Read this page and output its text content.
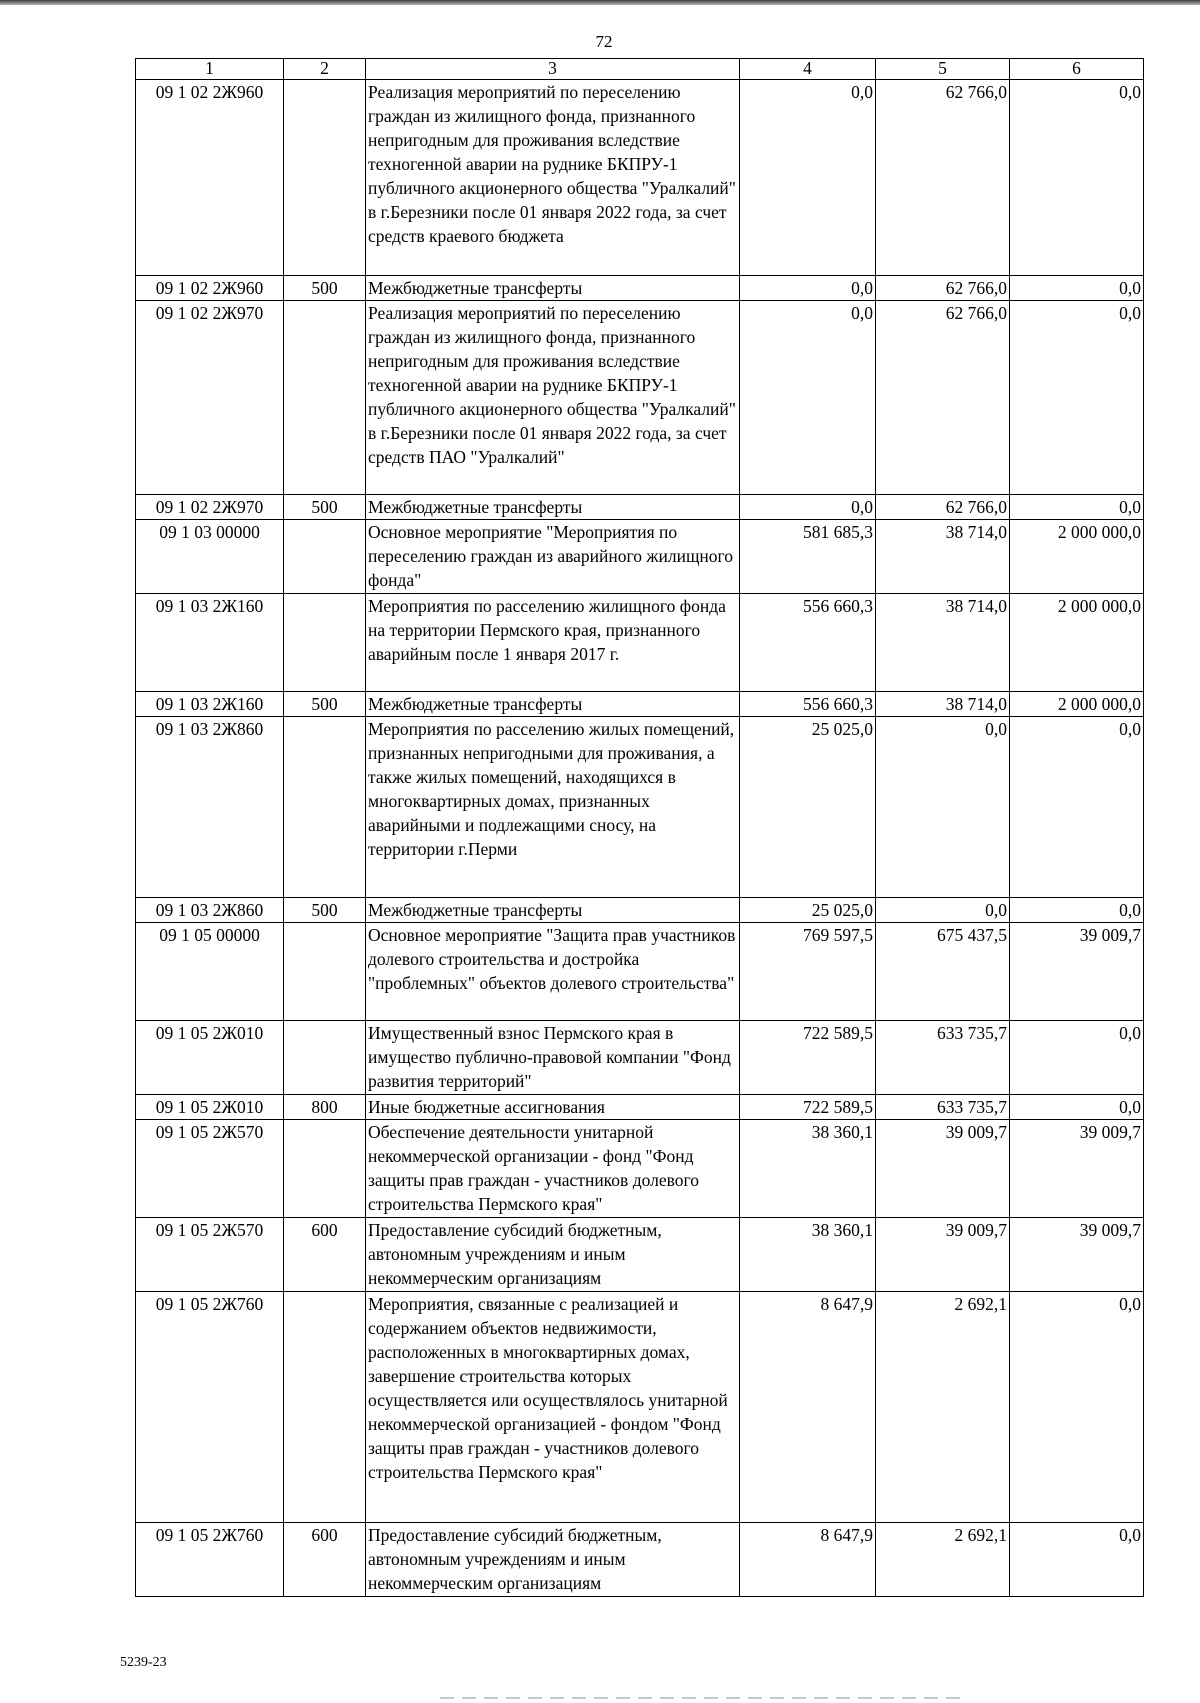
72
1	2	3	4	5	6
09 1 02 2Ж960		Реализация мероприятий по переселению граждан из жилищного фонда, признанного непригодным для проживания вследствие техногенной аварии на руднике БКПРУ-1 публичного акционерного общества "Уралкалий" в г.Березники после 01 января 2022 года, за счет средств краевого бюджета	0,0	62 766,0	0,0
09 1 02 2Ж960	500	Межбюджетные трансферты	0,0	62 766,0	0,0
09 1 02 2Ж970		Реализация мероприятий по переселению граждан из жилищного фонда, признанного непригодным для проживания вследствие техногенной аварии на руднике БКПРУ-1 публичного акционерного общества "Уралкалий" в г.Березники после 01 января 2022 года, за счет средств ПАО "Уралкалий"	0,0	62 766,0	0,0
09 1 02 2Ж970	500	Межбюджетные трансферты	0,0	62 766,0	0,0
09 1 03 00000		Основное мероприятие "Мероприятия по переселению граждан из аварийного жилищного фонда"	581 685,3	38 714,0	2 000 000,0
09 1 03 2Ж160		Мероприятия по расселению жилищного фонда на территории Пермского края, признанного аварийным после 1 января 2017 г.	556 660,3	38 714,0	2 000 000,0
09 1 03 2Ж160	500	Межбюджетные трансферты	556 660,3	38 714,0	2 000 000,0
09 1 03 2Ж860		Мероприятия по расселению жилых помещений, признанных непригодными для проживания, а также жилых помещений, находящихся в многоквартирных домах, признанных аварийными и подлежащими сносу, на территории г.Перми	25 025,0	0,0	0,0
09 1 03 2Ж860	500	Межбюджетные трансферты	25 025,0	0,0	0,0
09 1 05 00000		Основное мероприятие "Защита прав участников долевого строительства и достройка "проблемных" объектов долевого строительства"	769 597,5	675 437,5	39 009,7
09 1 05 2Ж010		Имущественный взнос Пермского края в имущество публично-правовой компании "Фонд развития территорий"	722 589,5	633 735,7	0,0
09 1 05 2Ж010	800	Иные бюджетные ассигнования	722 589,5	633 735,7	0,0
09 1 05 2Ж570		Обеспечение деятельности унитарной некоммерческой организации - фонд "Фонд защиты прав граждан - участников долевого строительства Пермского края"	38 360,1	39 009,7	39 009,7
09 1 05 2Ж570	600	Предоставление субсидий бюджетным, автономным учреждениям и иным некоммерческим организациям	38 360,1	39 009,7	39 009,7
09 1 05 2Ж760		Мероприятия, связанные с реализацией и содержанием объектов недвижимости, расположенных в многоквартирных домах, завершение строительства которых осуществляется или осуществлялось унитарной некоммерческой организацией - фондом "Фонд защиты прав граждан - участников долевого строительства Пермского края"	8 647,9	2 692,1	0,0
09 1 05 2Ж760	600	Предоставление субсидий бюджетным, автономным учреждениям и иным некоммерческим организациям	8 647,9	2 692,1	0,0
5239-23
